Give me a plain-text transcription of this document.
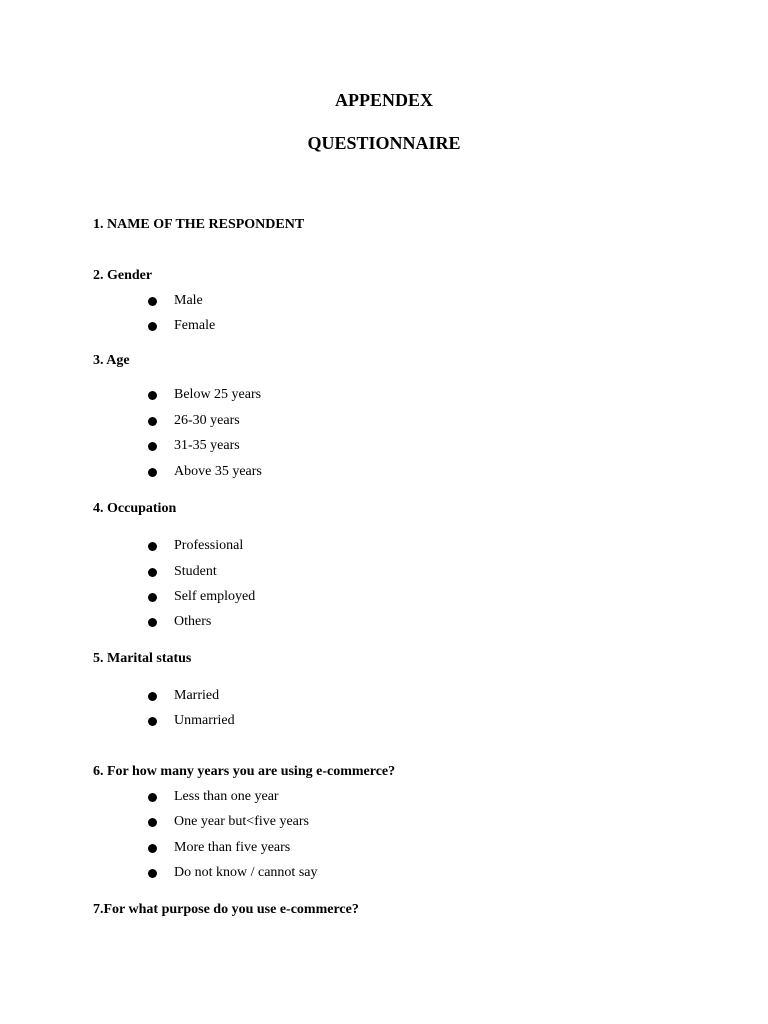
APPENDEX
QUESTIONNAIRE

1. NAME OF THE RESPONDENT

2. Gender

Male
Female

3. Age

Below 25 years
26-30 years
31-35 years
Above 35 years

4. Occupation

Professional
Student
Self employed
Others

5. Marital status

Married
Unmarried

6. For how many years you are using e-commerce?

Less than one year
One year but<five years
More than five years
Do not know / cannot say

7.For what purpose do you use e-commerce?
